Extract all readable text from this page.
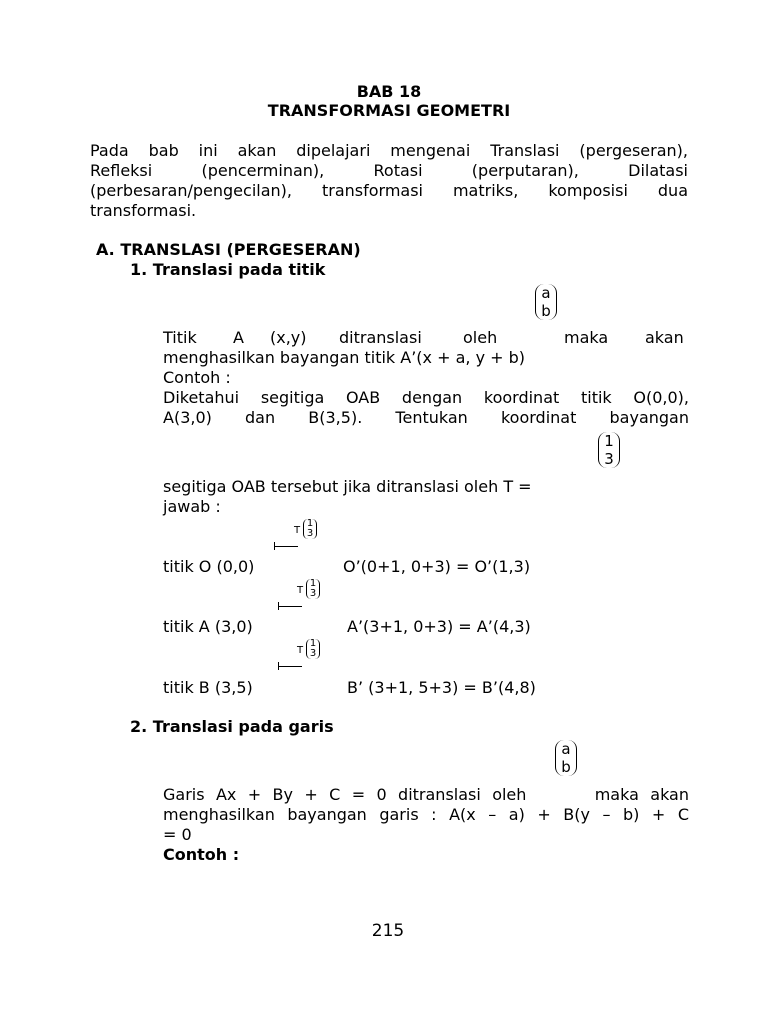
BAB 18
TRANSFORMASI GEOMETRI
Pada bab ini akan dipelajari mengenai Translasi (pergeseran),
Refleksi (pencerminan), Rotasi (perputaran), Dilatasi
(perbesaran/pengecilan), transformasi matriks, komposisi dua
transformasi.
A. TRANSLASI (PERGESERAN)
1. Translasi pada titik
a
b
Titik A (x,y) ditranslasi	oleh	maka akan
menghasilkan bayangan titik A’(x + a, y + b)
Contoh :
Diketahui segitiga OAB dengan koordinat titik O(0,0),
A(3,0) dan B(3,5). Tentukan koordinat bayangan
1
3
segitiga OAB tersebut jika ditranslasi oleh T =
jawab :
T
1
3
titik O (0,0)	O’(0+1, 0+3) = O’(1,3)
T
1
3
titik A (3,0)	A’(3+1, 0+3) = A’(4,3)
T
1
3
titik B (3,5)	B’ (3+1, 5+3) = B’(4,8)
2. Translasi pada garis
a
b
Garis Ax + By + C = 0 ditranslasi oleh      maka akan
menghasilkan bayangan garis : A(x – a) + B(y – b) + C
= 0
Contoh :
215
